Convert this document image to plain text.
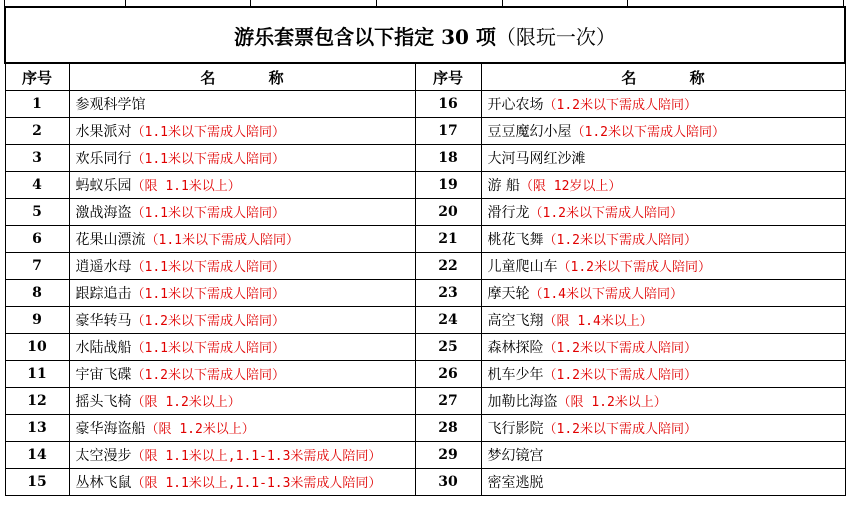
游乐套票包含以下指定 30 项（限玩一次）			
序号	名 称	序号	名 称
1	参观科学馆	16	开心农场（1.2米以下需成人陪同）
2	水果派对（1.1米以下需成人陪同）	17	豆豆魔幻小屋（1.2米以下需成人陪同）
3	欢乐同行（1.1米以下需成人陪同）	18	大河马网红沙滩
4	蚂蚁乐园（限 1.1米以上）	19	游 船（限 12岁以上）
5	激战海盗（1.1米以下需成人陪同）	20	滑行龙（1.2米以下需成人陪同）
6	花果山漂流（1.1米以下需成人陪同）	21	桃花飞舞（1.2米以下需成人陪同）
7	逍遥水母（1.1米以下需成人陪同）	22	儿童爬山车（1.2米以下需成人陪同）
8	跟踪追击（1.1米以下需成人陪同）	23	摩天轮（1.4米以下需成人陪同）
9	豪华转马（1.2米以下需成人陪同）	24	高空飞翔（限 1.4米以上）
10	水陆战船（1.1米以下需成人陪同）	25	森林探险（1.2米以下需成人陪同）
11	宇宙飞碟（1.2米以下需成人陪同）	26	机车少年（1.2米以下需成人陪同）
12	摇头飞椅（限 1.2米以上）	27	加勒比海盗（限 1.2米以上）
13	豪华海盗船（限 1.2米以上）	28	飞行影院（1.2米以下需成人陪同）
14	太空漫步（限 1.1米以上,1.1-1.3米需成人陪同）	29	梦幻镜宫
15	丛林飞鼠（限 1.1米以上,1.1-1.3米需成人陪同）	30	密室逃脱
